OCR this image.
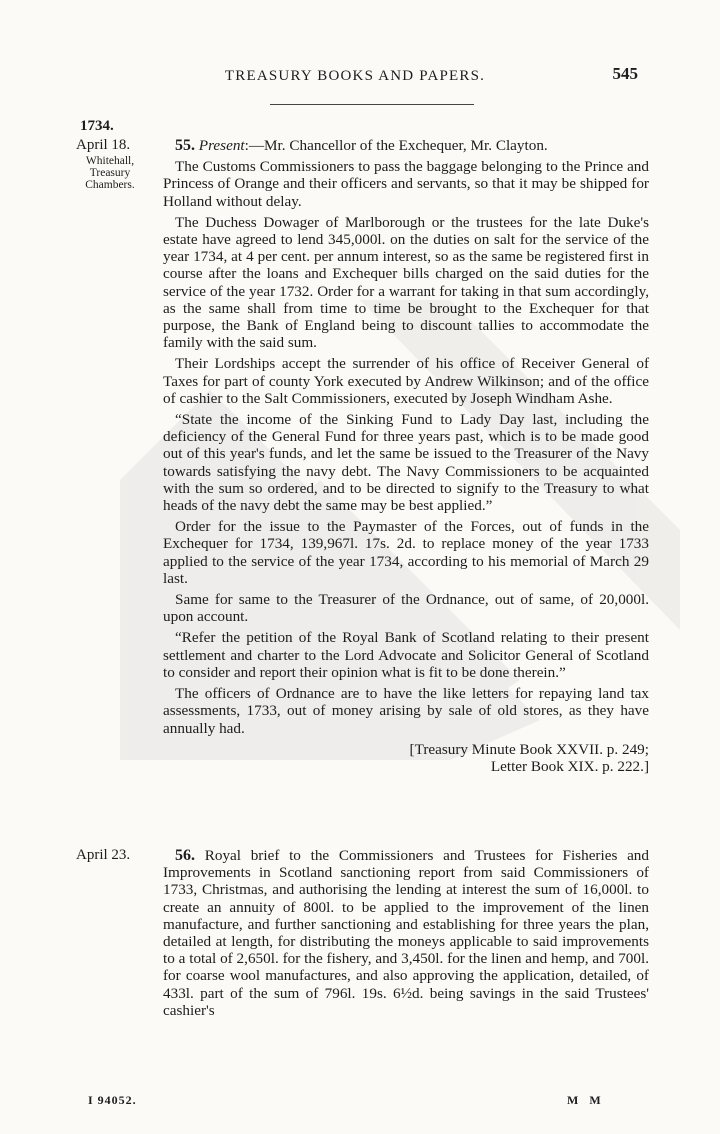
TREASURY BOOKS AND PAPERS.	545
1734.
April 18.
Whitehall,
Treasury
Chambers.

55. Present:—Mr. Chancellor of the Exchequer, Mr. Clayton.

The Customs Commissioners to pass the baggage belonging to the Prince and Princess of Orange and their officers and servants, so that it may be shipped for Holland without delay.

The Duchess Dowager of Marlborough or the trustees for the late Duke's estate have agreed to lend 345,000l. on the duties on salt for the service of the year 1734, at 4 per cent. per annum interest, so as the same be registered first in course after the loans and Exchequer bills charged on the said duties for the service of the year 1732. Order for a warrant for taking in that sum accordingly, as the same shall from time to time be brought to the Exchequer for that purpose, the Bank of England being to discount tallies to accommodate the family with the said sum.

Their Lordships accept the surrender of his office of Receiver General of Taxes for part of county York executed by Andrew Wilkinson; and of the office of cashier to the Salt Commissioners, executed by Joseph Windham Ashe.

“State the income of the Sinking Fund to Lady Day last, including the deficiency of the General Fund for three years past, which is to be made good out of this year's funds, and let the same be issued to the Treasurer of the Navy towards satisfying the navy debt. The Navy Commissioners to be acquainted with the sum so ordered, and to be directed to signify to the Treasury to what heads of the navy debt the same may be best applied.”

Order for the issue to the Paymaster of the Forces, out of funds in the Exchequer for 1734, 139,967l. 17s. 2d. to replace money of the year 1733 applied to the service of the year 1734, according to his memorial of March 29 last.

Same for same to the Treasurer of the Ordnance, out of same, of 20,000l. upon account.

“Refer the petition of the Royal Bank of Scotland relating to their present settlement and charter to the Lord Advocate and Solicitor General of Scotland to consider and report their opinion what is fit to be done therein.”

The officers of Ordnance are to have the like letters for repaying land tax assessments, 1733, out of money arising by sale of old stores, as they have annually had.

[Treasury Minute Book XXVII. p. 249;
Letter Book XIX. p. 222.]
April 23.	56. Royal brief to the Commissioners and Trustees for Fisheries and Improvements in Scotland sanctioning report from said Commissioners of 1733, Christmas, and authorising the lending at interest the sum of 16,000l. to create an annuity of 800l. to be applied to the improvement of the linen manufacture, and further sanctioning and establishing for three years the plan, detailed at length, for distributing the moneys applicable to said improvements to a total of 2,650l. for the fishery, and 3,450l. for the linen and hemp, and 700l. for coarse wool manufactures, and also approving the application, detailed, of 433l. part of the sum of 796l. 19s. 6½d. being savings in the said Trustees' cashier's

I 94052.	M M
